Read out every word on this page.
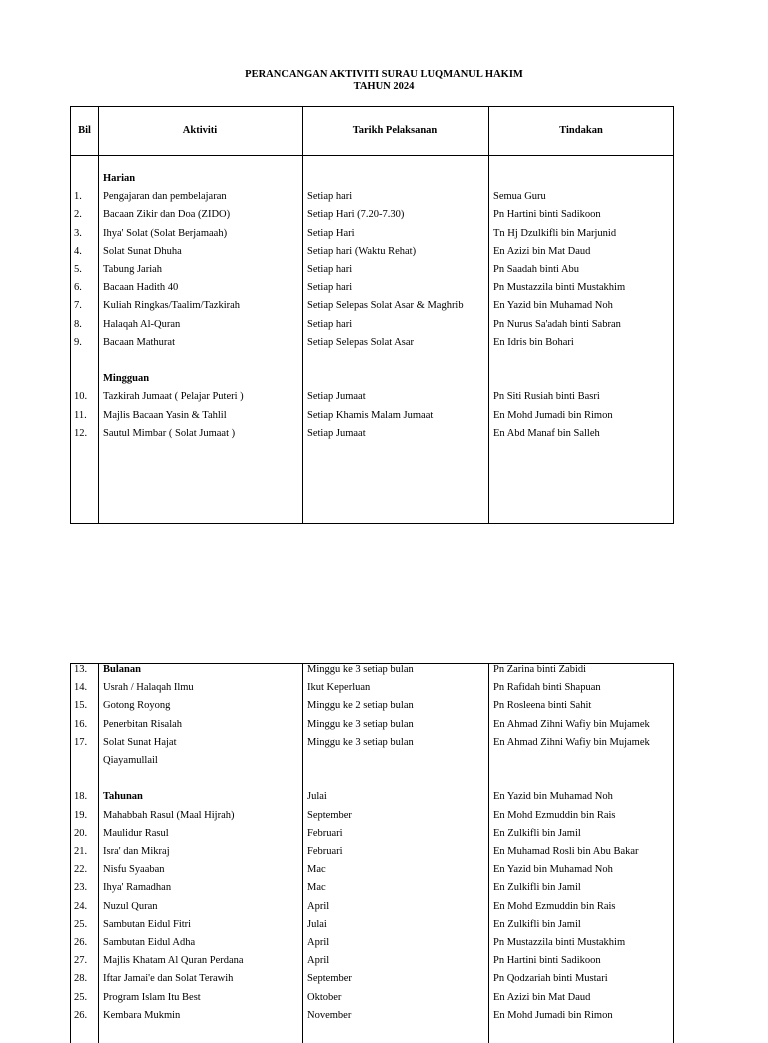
PERANCANGAN AKTIVITI SURAU LUQMANUL HAKIM
TAHUN 2024
Bil	Aktiviti	Tarikh Pelaksanan	Tindakan
Harian
1. Pengajaran dan pembelajaran	Setiap hari	Semua Guru
2. Bacaan Zikir dan Doa (ZIDO)	Setiap Hari (7.20-7.30)	Pn Hartini binti Sadikoon
3. Ihya' Solat (Solat Berjamaah)	Setiap Hari	Tn Hj Dzulkifli bin Marjunid
4. Solat Sunat Dhuha	Setiap hari (Waktu Rehat)	En Azizi bin Mat Daud
5. Tabung Jariah	Setiap hari	Pn Saadah binti Abu
6. Bacaan Hadith 40	Setiap hari	Pn Mustazzila binti Mustakhim
7. Kuliah Ringkas/Taalim/Tazkirah	Setiap Selepas Solat Asar & Maghrib	En Yazid bin Muhamad Noh
8. Halaqah Al-Quran	Setiap hari	Pn Nurus Sa'adah binti Sabran
9. Bacaan Mathurat	Setiap Selepas Solat Asar	En Idris bin Bohari
Mingguan
10. Tazkirah Jumaat ( Pelajar Puteri )	Setiap Jumaat	Pn Siti Rusiah binti Basri
11. Majlis Bacaan Yasin & Tahlil	Setiap Khamis Malam Jumaat	En Mohd Jumadi bin Rimon
12. Sautul Mimbar ( Solat Jumaat )	Setiap Jumaat	En Abd Manaf bin Salleh
13. Bulanan	Minggu ke 3 setiap bulan	Pn Zarina binti Zabidi
14. Usrah / Halaqah Ilmu	Ikut Keperluan	Pn Rafidah binti Shapuan
15. Gotong Royong	Minggu ke 2 setiap bulan	Pn Rosleena binti Sahit
16. Penerbitan Risalah	Minggu ke 3 setiap bulan	En Ahmad Zihni Wafiy bin Mujamek
17. Solat Sunat Hajat	Minggu ke 3 setiap bulan	En Ahmad Zihni Wafiy bin Mujamek
Qiayamullail
18. Tahunan	Julai	En Yazid bin Muhamad Noh
19. Mahabbah Rasul (Maal Hijrah)	September	En Mohd Ezmuddin bin Rais
20. Maulidur Rasul	Februari	En Zulkifli bin Jamil
21. Isra' dan Mikraj	Februari	En Muhamad Rosli bin Abu Bakar
22. Nisfu Syaaban	Mac	En Yazid bin Muhamad Noh
23. Ihya' Ramadhan	Mac	En Zulkifli bin Jamil
24. Nuzul Quran	April	En Mohd Ezmuddin bin Rais
25. Sambutan Eidul Fitri	Julai	En Zulkifli bin Jamil
26. Sambutan Eidul Adha	April	Pn Mustazzila binti Mustakhim
27. Majlis Khatam Al Quran Perdana	April	Pn Hartini binti Sadikoon
28. Iftar Jamai'e dan Solat Terawih	September	Pn Qodzariah binti Mustari
25. Program Islam Itu Best	Oktober	En Azizi bin Mat Daud
26. Kembara Mukmin	November	En Mohd Jumadi bin Rimon
